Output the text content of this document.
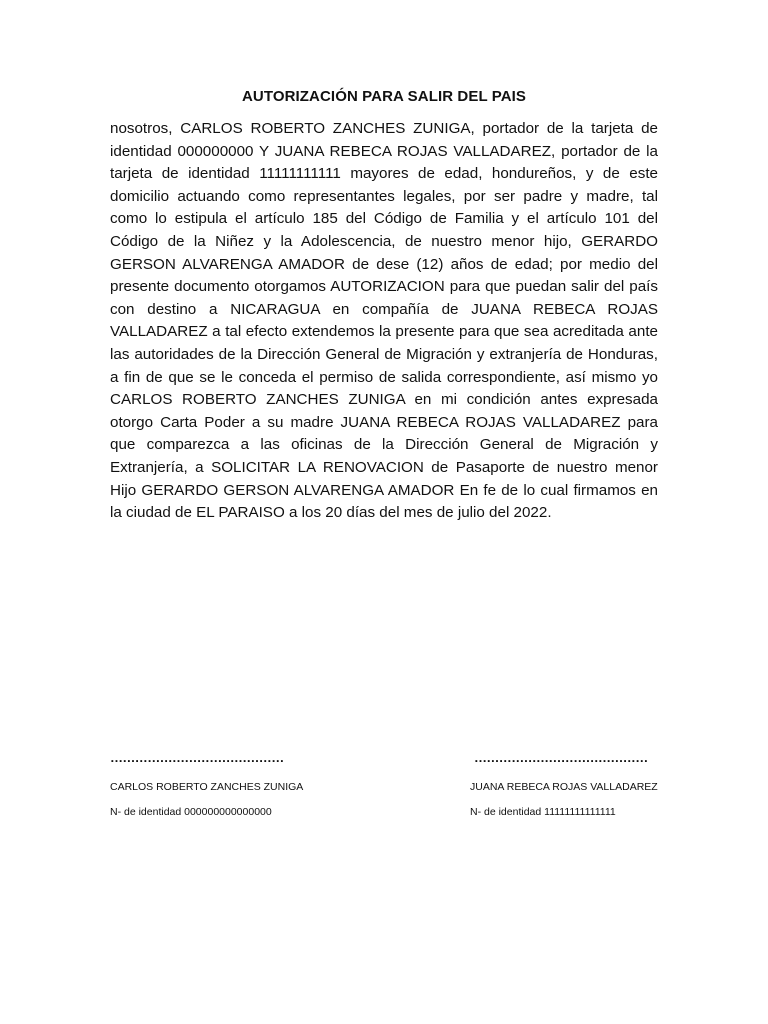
AUTORIZACIÓN PARA SALIR DEL PAIS

nosotros, CARLOS ROBERTO ZANCHES ZUNIGA, portador de la tarjeta de identidad 000000000 Y JUANA REBECA ROJAS VALLADAREZ, portador de la tarjeta de identidad 11111111111 mayores de edad, hondureños, y de este domicilio actuando como representantes legales, por ser padre y madre, tal como lo estipula el artículo 185 del Código de Familia y el artículo 101 del Código de la Niñez y la Adolescencia, de nuestro menor hijo, GERARDO GERSON ALVARENGA AMADOR de dese (12) años de edad; por medio del presente documento otorgamos AUTORIZACION para que puedan salir del país con destino a NICARAGUA en compañía de JUANA REBECA ROJAS VALLADAREZ a tal efecto extendemos la presente para que sea acreditada ante las autoridades de la Dirección General de Migración y extranjería de Honduras, a fin de que se le conceda el permiso de salida correspondiente, así mismo yo CARLOS ROBERTO ZANCHES ZUNIGA en mi condición antes expresada otorgo Carta Poder a su madre JUANA REBECA ROJAS VALLADAREZ para que comparezca a las oficinas de la Dirección General de Migración y Extranjería, a SOLICITAR LA RENOVACION de Pasaporte de nuestro menor Hijo GERARDO GERSON ALVARENGA AMADOR En fe de lo cual firmamos en la ciudad de EL PARAISO a los 20 días del mes de julio del 2022.

……………………………………	……………………………………
CARLOS ROBERTO ZANCHES ZUNIGA	JUANA REBECA ROJAS VALLADAREZ
N- de identidad 000000000000000	N- de identidad 11111111111111
